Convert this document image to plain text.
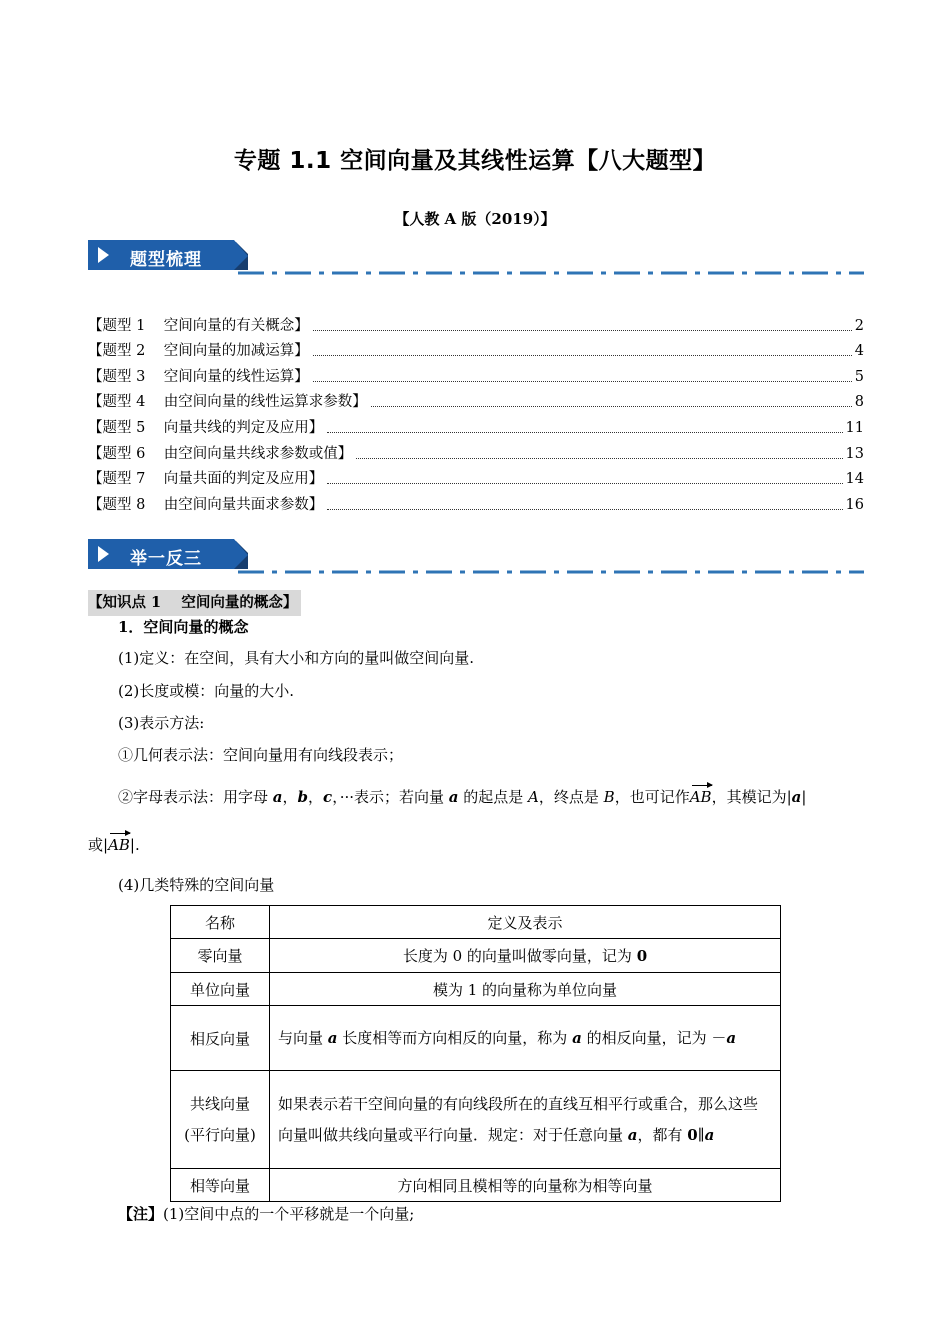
专题 1.1 空间向量及其线性运算【八大题型】
【人教 A 版（2019）】
题型梳理
【题型 1    空间向量的有关概念】	2
【题型 2    空间向量的加减运算】	4
【题型 3    空间向量的线性运算】	5
【题型 4    由空间向量的线性运算求参数】	8
【题型 5    向量共线的判定及应用】	11
【题型 6    由空间向量共线求参数或值】	13
【题型 7    向量共面的判定及应用】	14
【题型 8    由空间向量共面求参数】	16
举一反三
【知识点 1    空间向量的概念】
1．空间向量的概念
(1)定义：在空间，具有大小和方向的量叫做空间向量.
(2)长度或模：向量的大小.
(3)表示方法:
①几何表示法：空间向量用有向线段表示；
②字母表示法：用字母 a，b，c，···表示；若向量 a 的起点是 A，终点是 B，也可记作AB，其模记为|a|
或|AB|.
(4)几类特殊的空间向量
名称	定义及表示
零向量	长度为 0 的向量叫做零向量，记为 0
单位向量	模为 1 的向量称为单位向量
相反向量	与向量 a 长度相等而方向相反的向量，称为 a 的相反向量，记为 －a

共线向量
(平行向量)	如果表示若干空间向量的有向线段所在的直线互相平行或重合，那么这些向量叫做共线向量或平行向量．规定：对于任意向量 a，都有 0∥a
相等向量	方向相同且模相等的向量称为相等向量
【注】(1)空间中点的一个平移就是一个向量;
